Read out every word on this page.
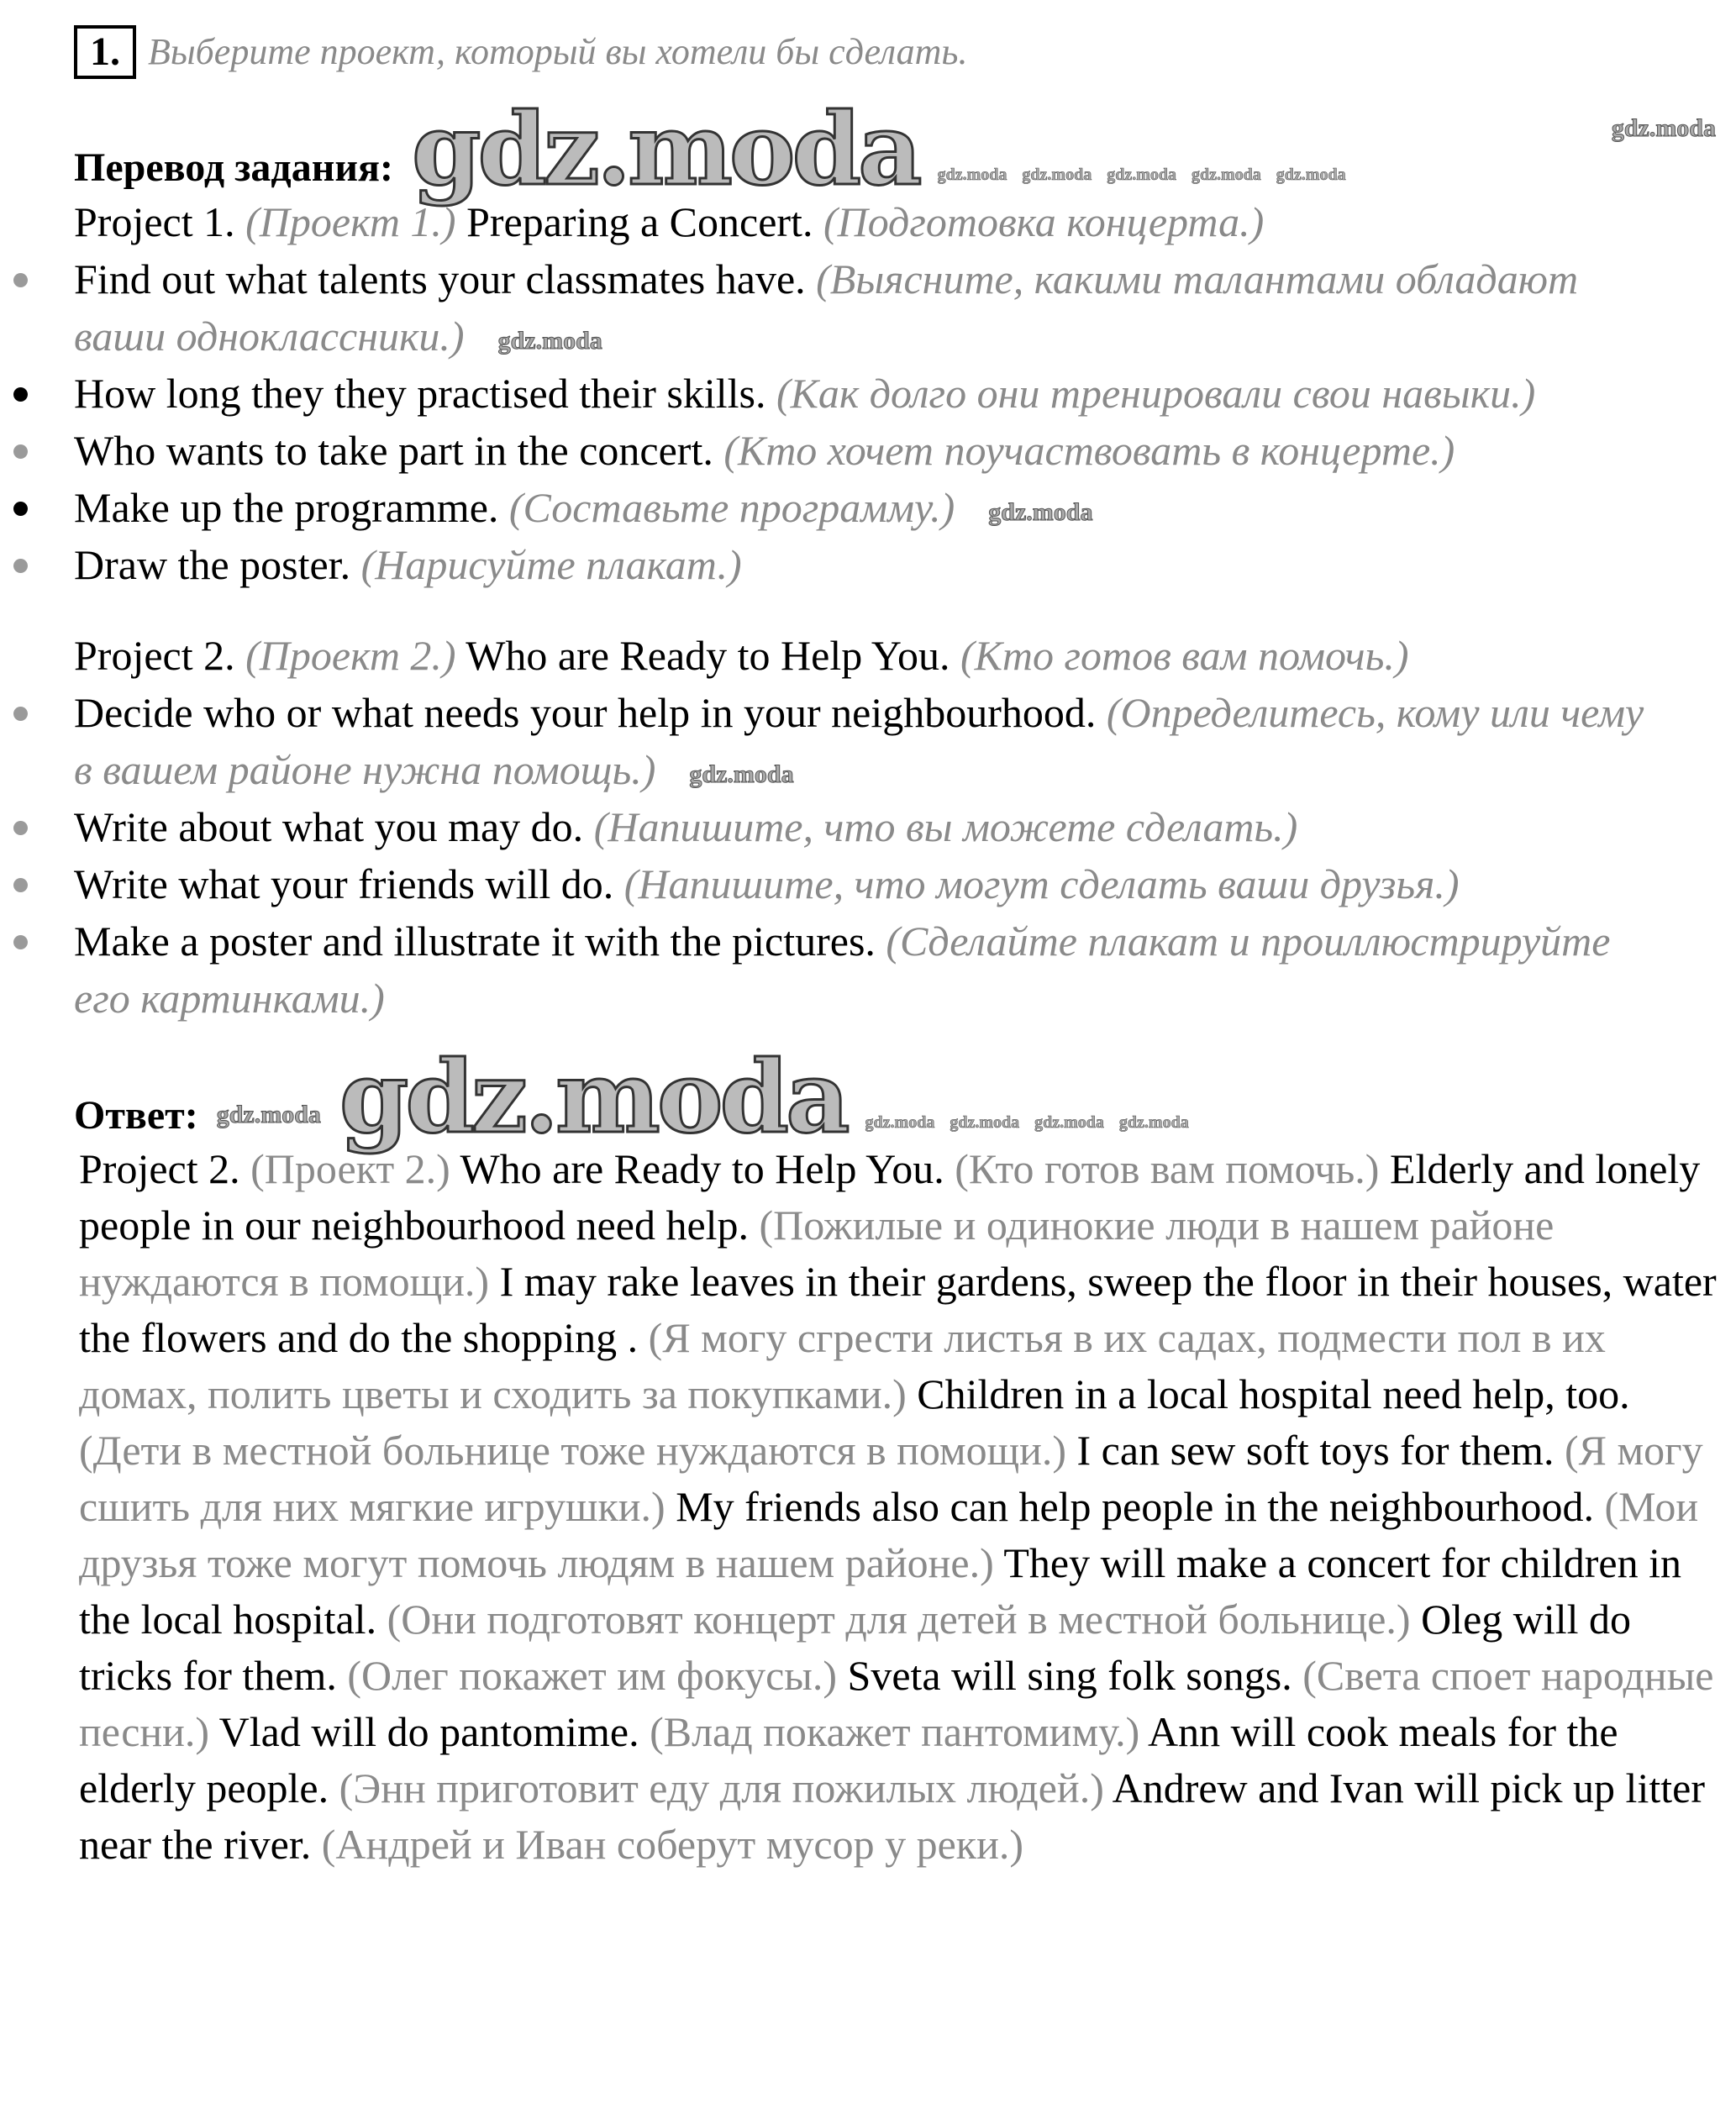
1. Выберите проект, который вы хотели бы сделать.
Перевод задания: gdz.moda gdz.moda gdz.moda gdz.moda gdz.moda gdz.moda
gdz.moda
Project 1. (Проект 1.) Preparing a Concert. (Подготовка концерта.)
Find out what talents your classmates have. (Выясните, какими талантами обладают ваши одноклассники.) gdz.moda
How long they they practised their skills. (Как долго они тренировали свои навыки.)
Who wants to take part in the concert. (Кто хочет поучаствовать в концерте.)
Make up the programme. (Составьте программу.) gdz.moda
Draw the poster. (Нарисуйте плакат.)
Project 2. (Проект 2.) Who are Ready to Help You. (Кто готов вам помочь.)
Decide who or what needs your help in your neighbourhood. (Определитесь, кому или чему в вашем районе нужна помощь.) gdz.moda
Write about what you may do. (Напишите, что вы можете сделать.)
Write what your friends will do. (Напишите, что могут сделать ваши друзья.)
Make a poster and illustrate it with the pictures. (Сделайте плакат и проиллюстрируйте его картинками.)
Ответ: gdz.moda gdz.moda gdz.moda gdz.moda gdz.moda gdz.moda
Project 2. (Проект 2.) Who are Ready to Help You. (Кто готов вам помочь.) Elderly and lonely people in our neighbourhood need help. (Пожилые и одинокие люди в нашем районе нуждаются в помощи.) I may rake leaves in their gardens, sweep the floor in their houses, water the flowers and do the shopping . (Я могу сгрести листья в их садах, подмести пол в их домах, полить цветы и сходить за покупками.) Children in a local hospital need help, too. (Дети в местной больнице тоже нуждаются в помощи.) I can sew soft toys for them. (Я могу сшить для них мягкие игрушки.) My friends also can help people in the neighbourhood. (Мои друзья тоже могут помочь людям в нашем районе.) They will make a concert for children in the local hospital. (Они подготовят концерт для детей в местной больнице.) Oleg will do tricks for them. (Олег покажет им фокусы.) Sveta will sing folk songs. (Света споет народные песни.) Vlad will do pantomime. (Влад покажет пантомиму.) Ann will cook meals for the elderly people. (Энн приготовит еду для пожилых людей.) Andrew and Ivan will pick up litter near the river. (Андрей и Иван соберут мусор у реки.)
